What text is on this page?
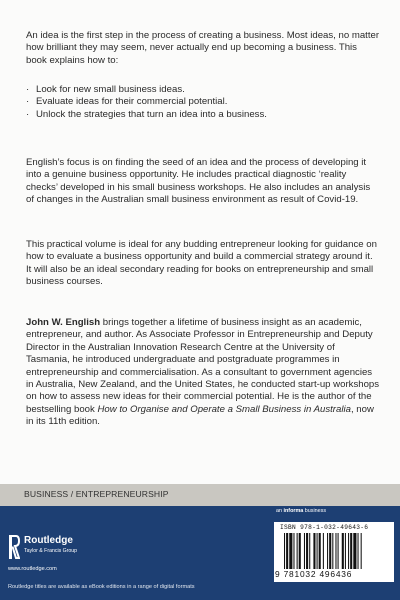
An idea is the first step in the process of creating a business. Most ideas, no matter how brilliant they may seem, never actually end up becoming a business. This book explains how to:

· Look for new small business ideas.

· Evaluate ideas for their commercial potential.

· Unlock the strategies that turn an idea into a business.

English’s focus is on finding the seed of an idea and the process of developing it into a genuine business opportunity. He includes practical diagnostic ‘reality checks’ developed in his small business workshops. He also includes an analysis of changes in the Australian small business environment as result of Covid-19.

This practical volume is ideal for any budding entrepreneur looking for guidance on how to evaluate a business opportunity and build a commercial strategy around it. It will also be an ideal secondary reading for books on entrepreneurship and small business courses.

John W. English brings together a lifetime of business insight as an academic, entrepreneur, and author. As Associate Professor in Entrepreneurship and Deputy Director in the Australian Innovation Research Centre at the University of Tasmania, he introduced undergraduate and postgraduate programmes in entrepreneurship and commercialisation. As a consultant to government agencies in Australia, New Zealand, and the United States, he conducted start-up workshops on how to assess new ideas for their commercial potential. He is the author of the bestselling book How to Organise and Operate a Small Business in Australia, now in its 11th edition.

BUSINESS / ENTREPRENEURSHIP
Routledge
Taylor & Francis Group
www.routledge.com
Routledge titles are available as eBook editions in a range of digital formats
an informa business
ISBN 978-1-032-49643-6
9 781032 496436
